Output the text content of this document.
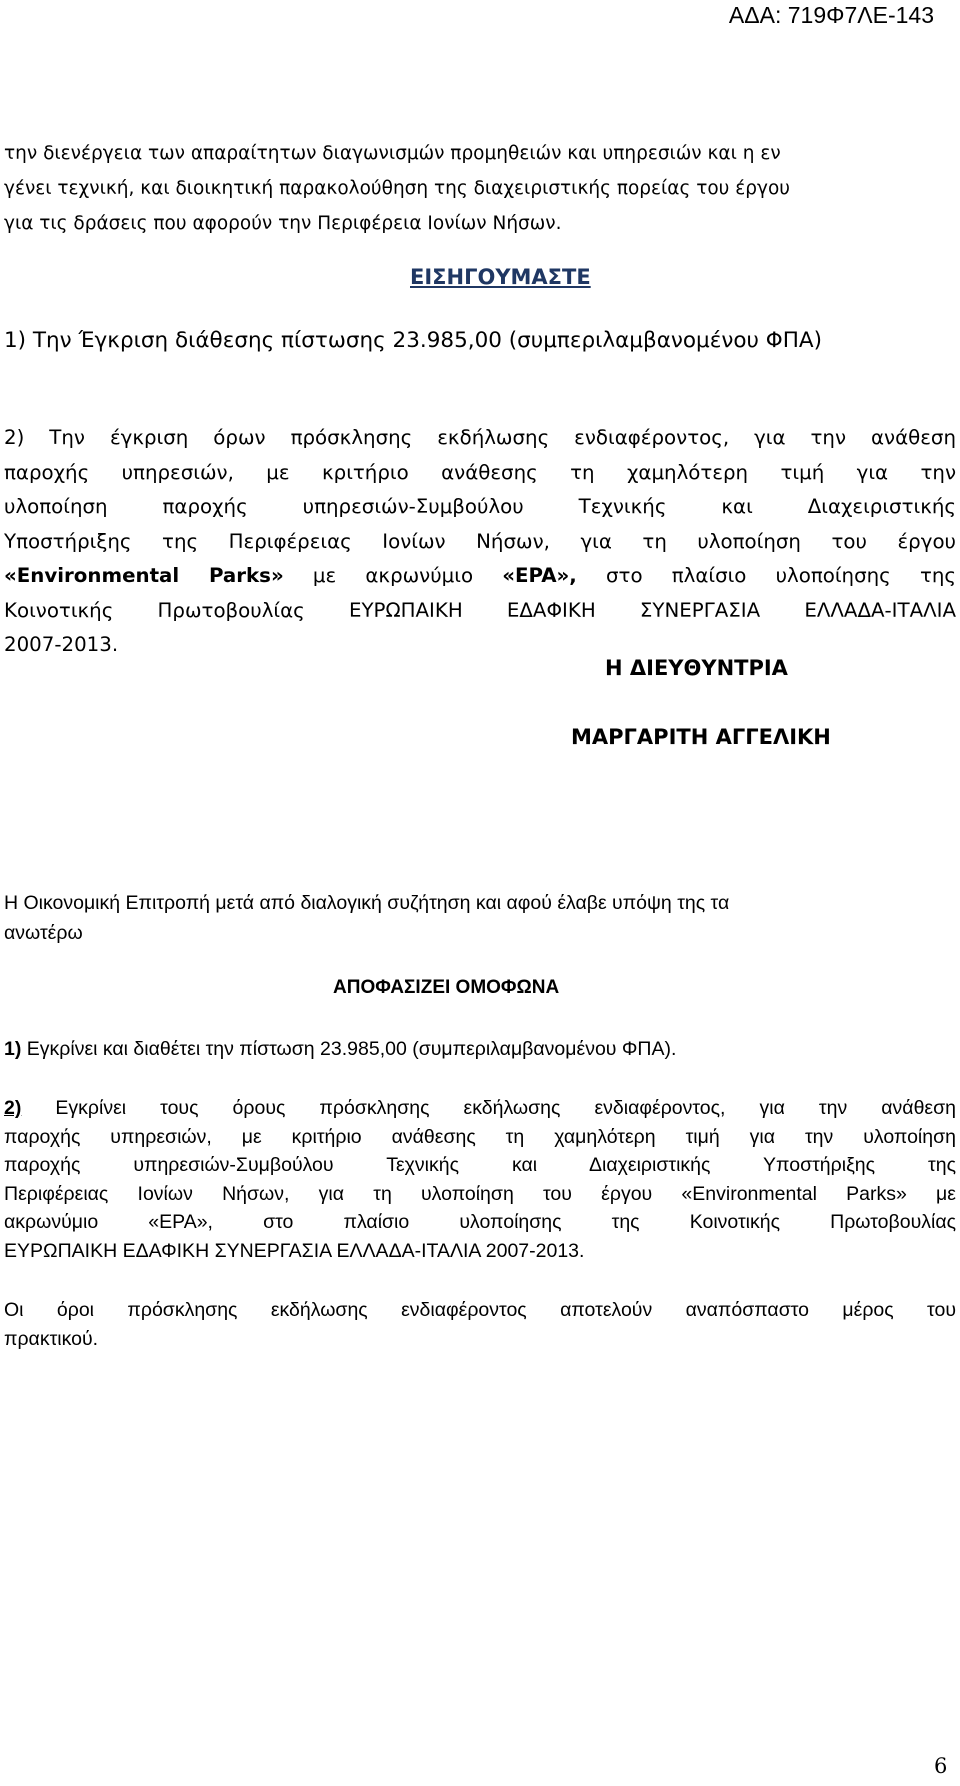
ΑΔΑ: 719Φ7ΛΕ-143
την διενέργεια των απαραίτητων διαγωνισμών προμηθειών και υπηρεσιών και η εν
γένει τεχνική, και διοικητική παρακολούθηση της διαχειριστικής πορείας του έργου
για τις δράσεις που αφορούν την Περιφέρεια Ιονίων Νήσων.
ΕΙΣΗΓΟΥΜΑΣΤΕ
1) Την Έγκριση διάθεσης πίστωσης 23.985,00 (συμπεριλαμβανομένου ΦΠΑ)
2) Την έγκριση όρων πρόσκλησης εκδήλωσης ενδιαφέροντος, για την ανάθεση
παροχής υπηρεσιών, με κριτήριο ανάθεσης τη χαμηλότερη τιμή για την
υλοποίηση παροχής υπηρεσιών-Συμβούλου Τεχνικής και Διαχειριστικής
Υποστήριξης της Περιφέρειας Ιονίων Νήσων, για τη υλοποίηση του έργου
«Environmental Parks» με ακρωνύμιο «EPA», στο πλαίσιο υλοποίησης της
Κοινοτικής Πρωτοβουλίας ΕΥΡΩΠΑΙΚΗ ΕΔΑΦΙΚΗ ΣΥΝΕΡΓΑΣΙΑ ΕΛΛΑΔΑ-ΙΤΑΛΙΑ
2007-2013.
Η ΔΙΕΥΘΥΝΤΡΙΑ
ΜΑΡΓΑΡΙΤΗ ΑΓΓΕΛΙΚΗ
Η Οικονομική Επιτροπή μετά από διαλογική συζήτηση και αφού έλαβε υπόψη της τα
ανωτέρω
ΑΠΟΦΑΣΙΖΕΙ ΟΜΟΦΩΝΑ
1) Εγκρίνει και διαθέτει την πίστωση 23.985,00 (συμπεριλαμβανομένου ΦΠΑ).
2) Εγκρίνει τους όρους πρόσκλησης εκδήλωσης ενδιαφέροντος, για την ανάθεση
παροχής υπηρεσιών, με κριτήριο ανάθεσης τη χαμηλότερη τιμή για την υλοποίηση
παροχής υπηρεσιών-Συμβούλου Τεχνικής και Διαχειριστικής Υποστήριξης της
Περιφέρειας Ιονίων Νήσων, για τη υλοποίηση του έργου «Environmental Parks» με
ακρωνύμιο «EPA», στο πλαίσιο υλοποίησης της Κοινοτικής Πρωτοβουλίας
ΕΥΡΩΠΑΙΚΗ ΕΔΑΦΙΚΗ ΣΥΝΕΡΓΑΣΙΑ ΕΛΛΑΔΑ-ΙΤΑΛΙΑ 2007-2013.
Οι όροι πρόσκλησης εκδήλωσης ενδιαφέροντος αποτελούν αναπόσπαστο μέρος του
πρακτικού.
6
